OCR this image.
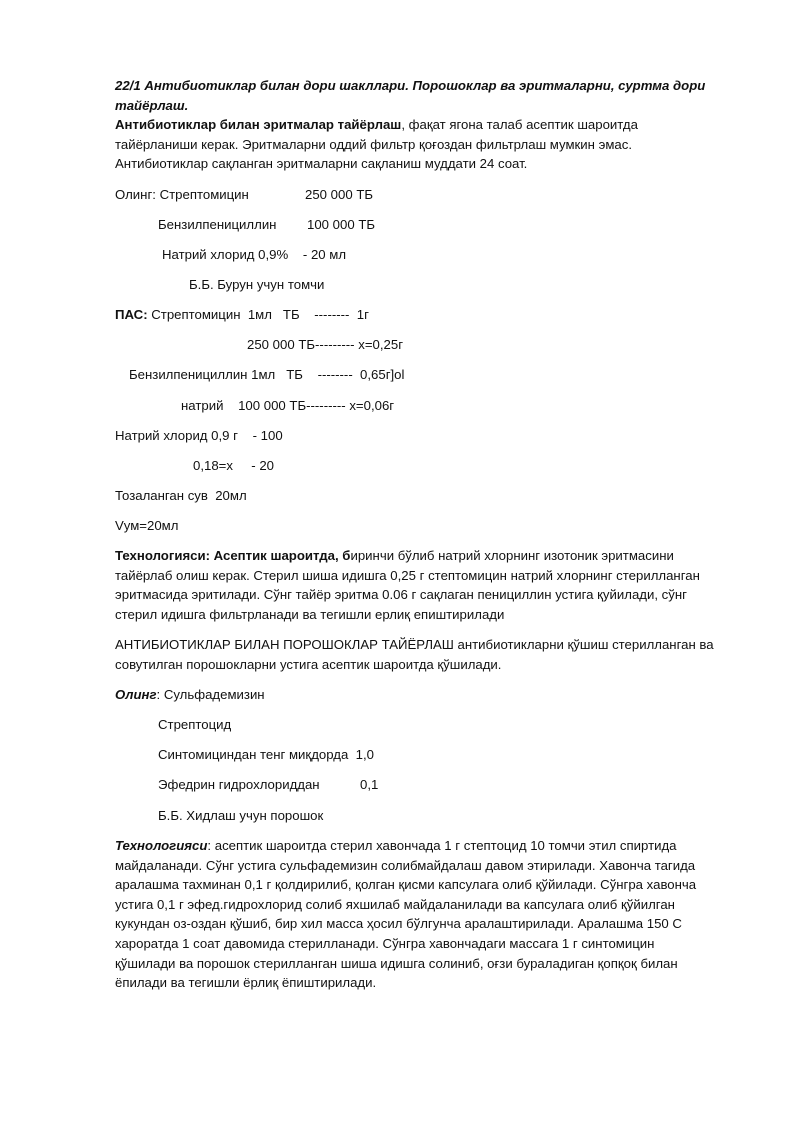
22/1 Антибиотиклар билан дори шакллари. Порошоклар ва эритмаларни, суртма дори тайёрлаш.

Антибиотиклар билан эритмалар тайёрлаш, фақат ягона талаб асептик шароитда тайёрланиши керак. Эритмаларни оддий фильтр қоғоздан фильтрлаш мумкин эмас. Антибиотиклар сақланган эритмаларни сақланиш муддати 24 соат.

Олинг: Стрептомицин	250 000 ТБ
Бензилпенициллин 100 000 ТБ
Натрий хлорид 0,9%    - 20 мл
Б.Б. Бурун учун томчи
ПАС: Стрептомицин  1мл   ТБ    --------  1г
250 000 ТБ--------- х=0,25г
Бензилпенициллин 1мл   ТБ    --------  0,65г]ol
натрий    100 000 ТБ--------- х=0,06г
Натрий хлорид 0,9 г    - 100
0,18=х     - 20
Тозаланган сув  20мл
Vум=20мл

Технологияси: Асептик шароитда, биринчи бўлиб натрий хлорнинг изотоник эритмасини тайёрлаб олиш керак. Стерил шиша идишга 0,25 г стептомицин натрий хлорнинг стерилланган эритмасида эритилади. Сўнг тайёр эритма 0.06 г сақлаган пенициллин устига қуйилади, сўнг стерил идишга фильтрланади ва тегишли ерлиқ епиштирилади

АНТИБИОТИКЛАР БИЛАН ПОРОШОКЛАР ТАЙЁРЛАШ антибиотикларни қўшиш стерилланган ва совутилган порошокларни устига асептик шароитда қўшилади.

Олинг: Сульфадемизин
Стрептоцид
Синтомициндан тенг миқдорда  1,0
Эфедрин гидрохлориддан	0,1
Б.Б. Хидлаш учун порошок

Технологияси: асептик шароитда стерил хавончада 1 г стептоцид 10 томчи этил спиртида майдаланади. Сўнг устига сульфадемизин солибмайдалаш давом этирилади. Хавонча тагида аралашма тахминан 0,1 г қолдирилиб, қолган қисми капсулага олиб қўйилади. Сўнгра хавонча устига 0,1 г эфед.гидрохлорид солиб яхшилаб майдаланилади ва капсулага олиб қўйилган кукундан оз-оздан қўшиб, бир хил масса ҳосил бўлгунча аралаштирилади. Аралашма 150 С хароратда 1 соат давомида стерилланади. Сўнгра хавончадаги массага 1 г синтомицин қўшилади ва порошок стерилланган шиша идишга солиниб, оғзи бураладиган қопқоқ билан ёпилади ва тегишли ёрлиқ ёпиштирилади.
